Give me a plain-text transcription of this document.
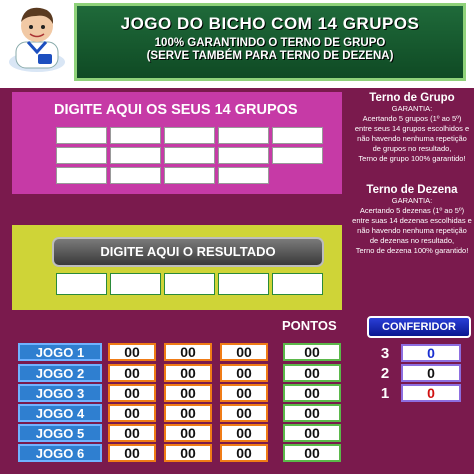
JOGO DO BICHO COM 14 GRUPOS
100% GARANTINDO O TERNO DE GRUPO
(SERVE TAMBÉM PARA TERNO DE DEZENA)
DIGITE AQUI OS SEUS 14 GRUPOS
Terno de Grupo
GARANTIA:
Acertando 5 grupos (1º ao 5º)
entre seus 14 grupos escolhidos e
não havendo nenhuma repetição
de grupos no resultado,
Terno de grupo 100% garantido!
Terno de Dezena
GARANTIA:
Acertando 5 dezenas (1º ao 5º)
entre suas 14 dezenas escolhidas e
não havendo nenhuma repetição
de dezenas no resultado,
Terno de dezena 100% garantido!
DIGITE AQUI O RESULTADO
PONTOS	CONFERIDOR
JOGO 1	00	00	00	00
JOGO 2	00	00	00	00
JOGO 3	00	00	00	00
JOGO 4	00	00	00	00
JOGO 5	00	00	00	00
JOGO 6	00	00	00	00
3	0
2	0
1	0
